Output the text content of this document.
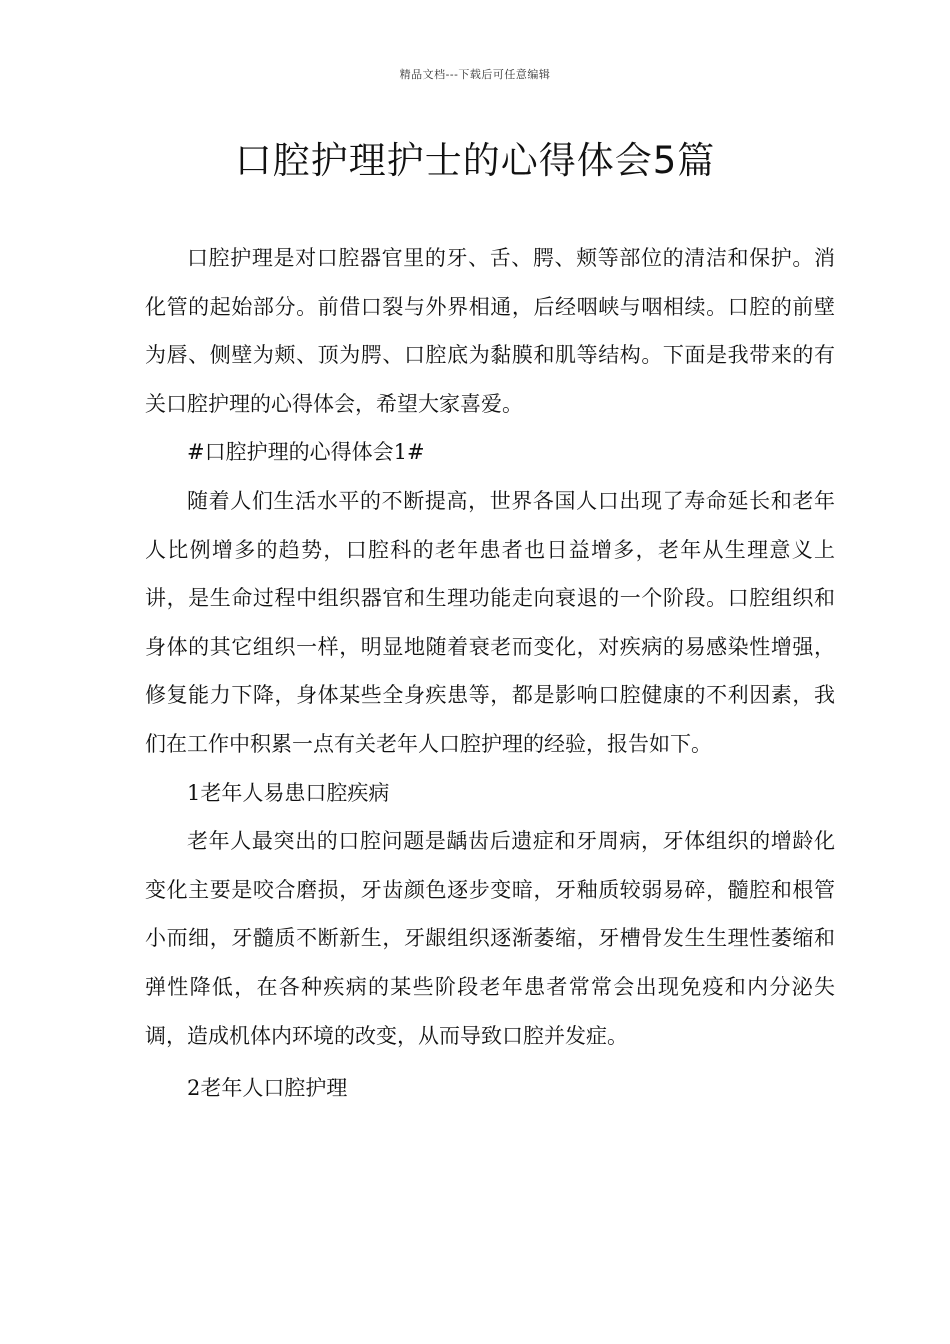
精品文档---下载后可任意编辑
口腔护理护士的心得体会5篇

口腔护理是对口腔器官里的牙、舌、腭、颊等部位的清洁和保护。消化管的起始部分。前借口裂与外界相通，后经咽峡与咽相续。口腔的前壁为唇、侧壁为颊、顶为腭、口腔底为黏膜和肌等结构。下面是我带来的有关口腔护理的心得体会，希望大家喜爱。

#口腔护理的心得体会1#

随着人们生活水平的不断提高，世界各国人口出现了寿命延长和老年人比例增多的趋势，口腔科的老年患者也日益增多，老年从生理意义上讲，是生命过程中组织器官和生理功能走向衰退的一个阶段。口腔组织和身体的其它组织一样，明显地随着衰老而变化，对疾病的易感染性增强，修复能力下降，身体某些全身疾患等，都是影响口腔健康的不利因素，我们在工作中积累一点有关老年人口腔护理的经验，报告如下。

1老年人易患口腔疾病

老年人最突出的口腔问题是龋齿后遗症和牙周病，牙体组织的增龄化变化主要是咬合磨损，牙齿颜色逐步变暗，牙釉质较弱易碎，髓腔和根管小而细，牙髓质不断新生，牙龈组织逐渐萎缩，牙槽骨发生生理性萎缩和弹性降低，在各种疾病的某些阶段老年患者常常会出现免疫和内分泌失调，造成机体内环境的改变，从而导致口腔并发症。

2老年人口腔护理
